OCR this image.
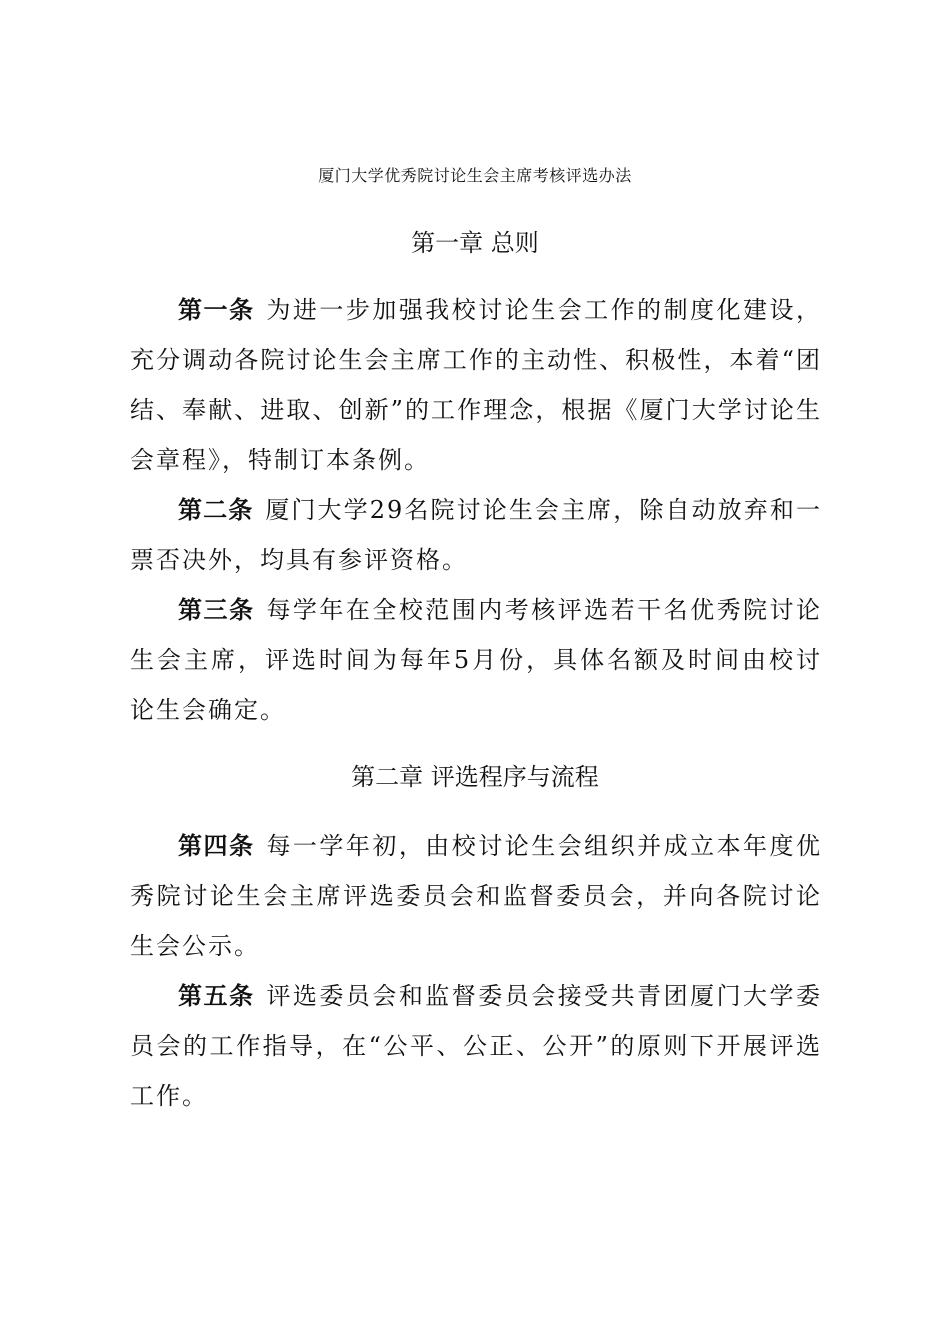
厦门大学优秀院讨论生会主席考核评选办法
第一章 总则

第一条 为进一步加强我校讨论生会工作的制度化建设，充分调动各院讨论生会主席工作的主动性、积极性，本着“团结、奉献、进取、创新”的工作理念，根据《厦门大学讨论生会章程》，特制订本条例。

第二条 厦门大学29名院讨论生会主席，除自动放弃和一票否决外，均具有参评资格。

第三条 每学年在全校范围内考核评选若干名优秀院讨论生会主席，评选时间为每年5月份，具体名额及时间由校讨论生会确定。

第二章 评选程序与流程

第四条 每一学年初，由校讨论生会组织并成立本年度优秀院讨论生会主席评选委员会和监督委员会，并向各院讨论生会公示。

第五条 评选委员会和监督委员会接受共青团厦门大学委员会的工作指导，在“公平、公正、公开”的原则下开展评选工作。
